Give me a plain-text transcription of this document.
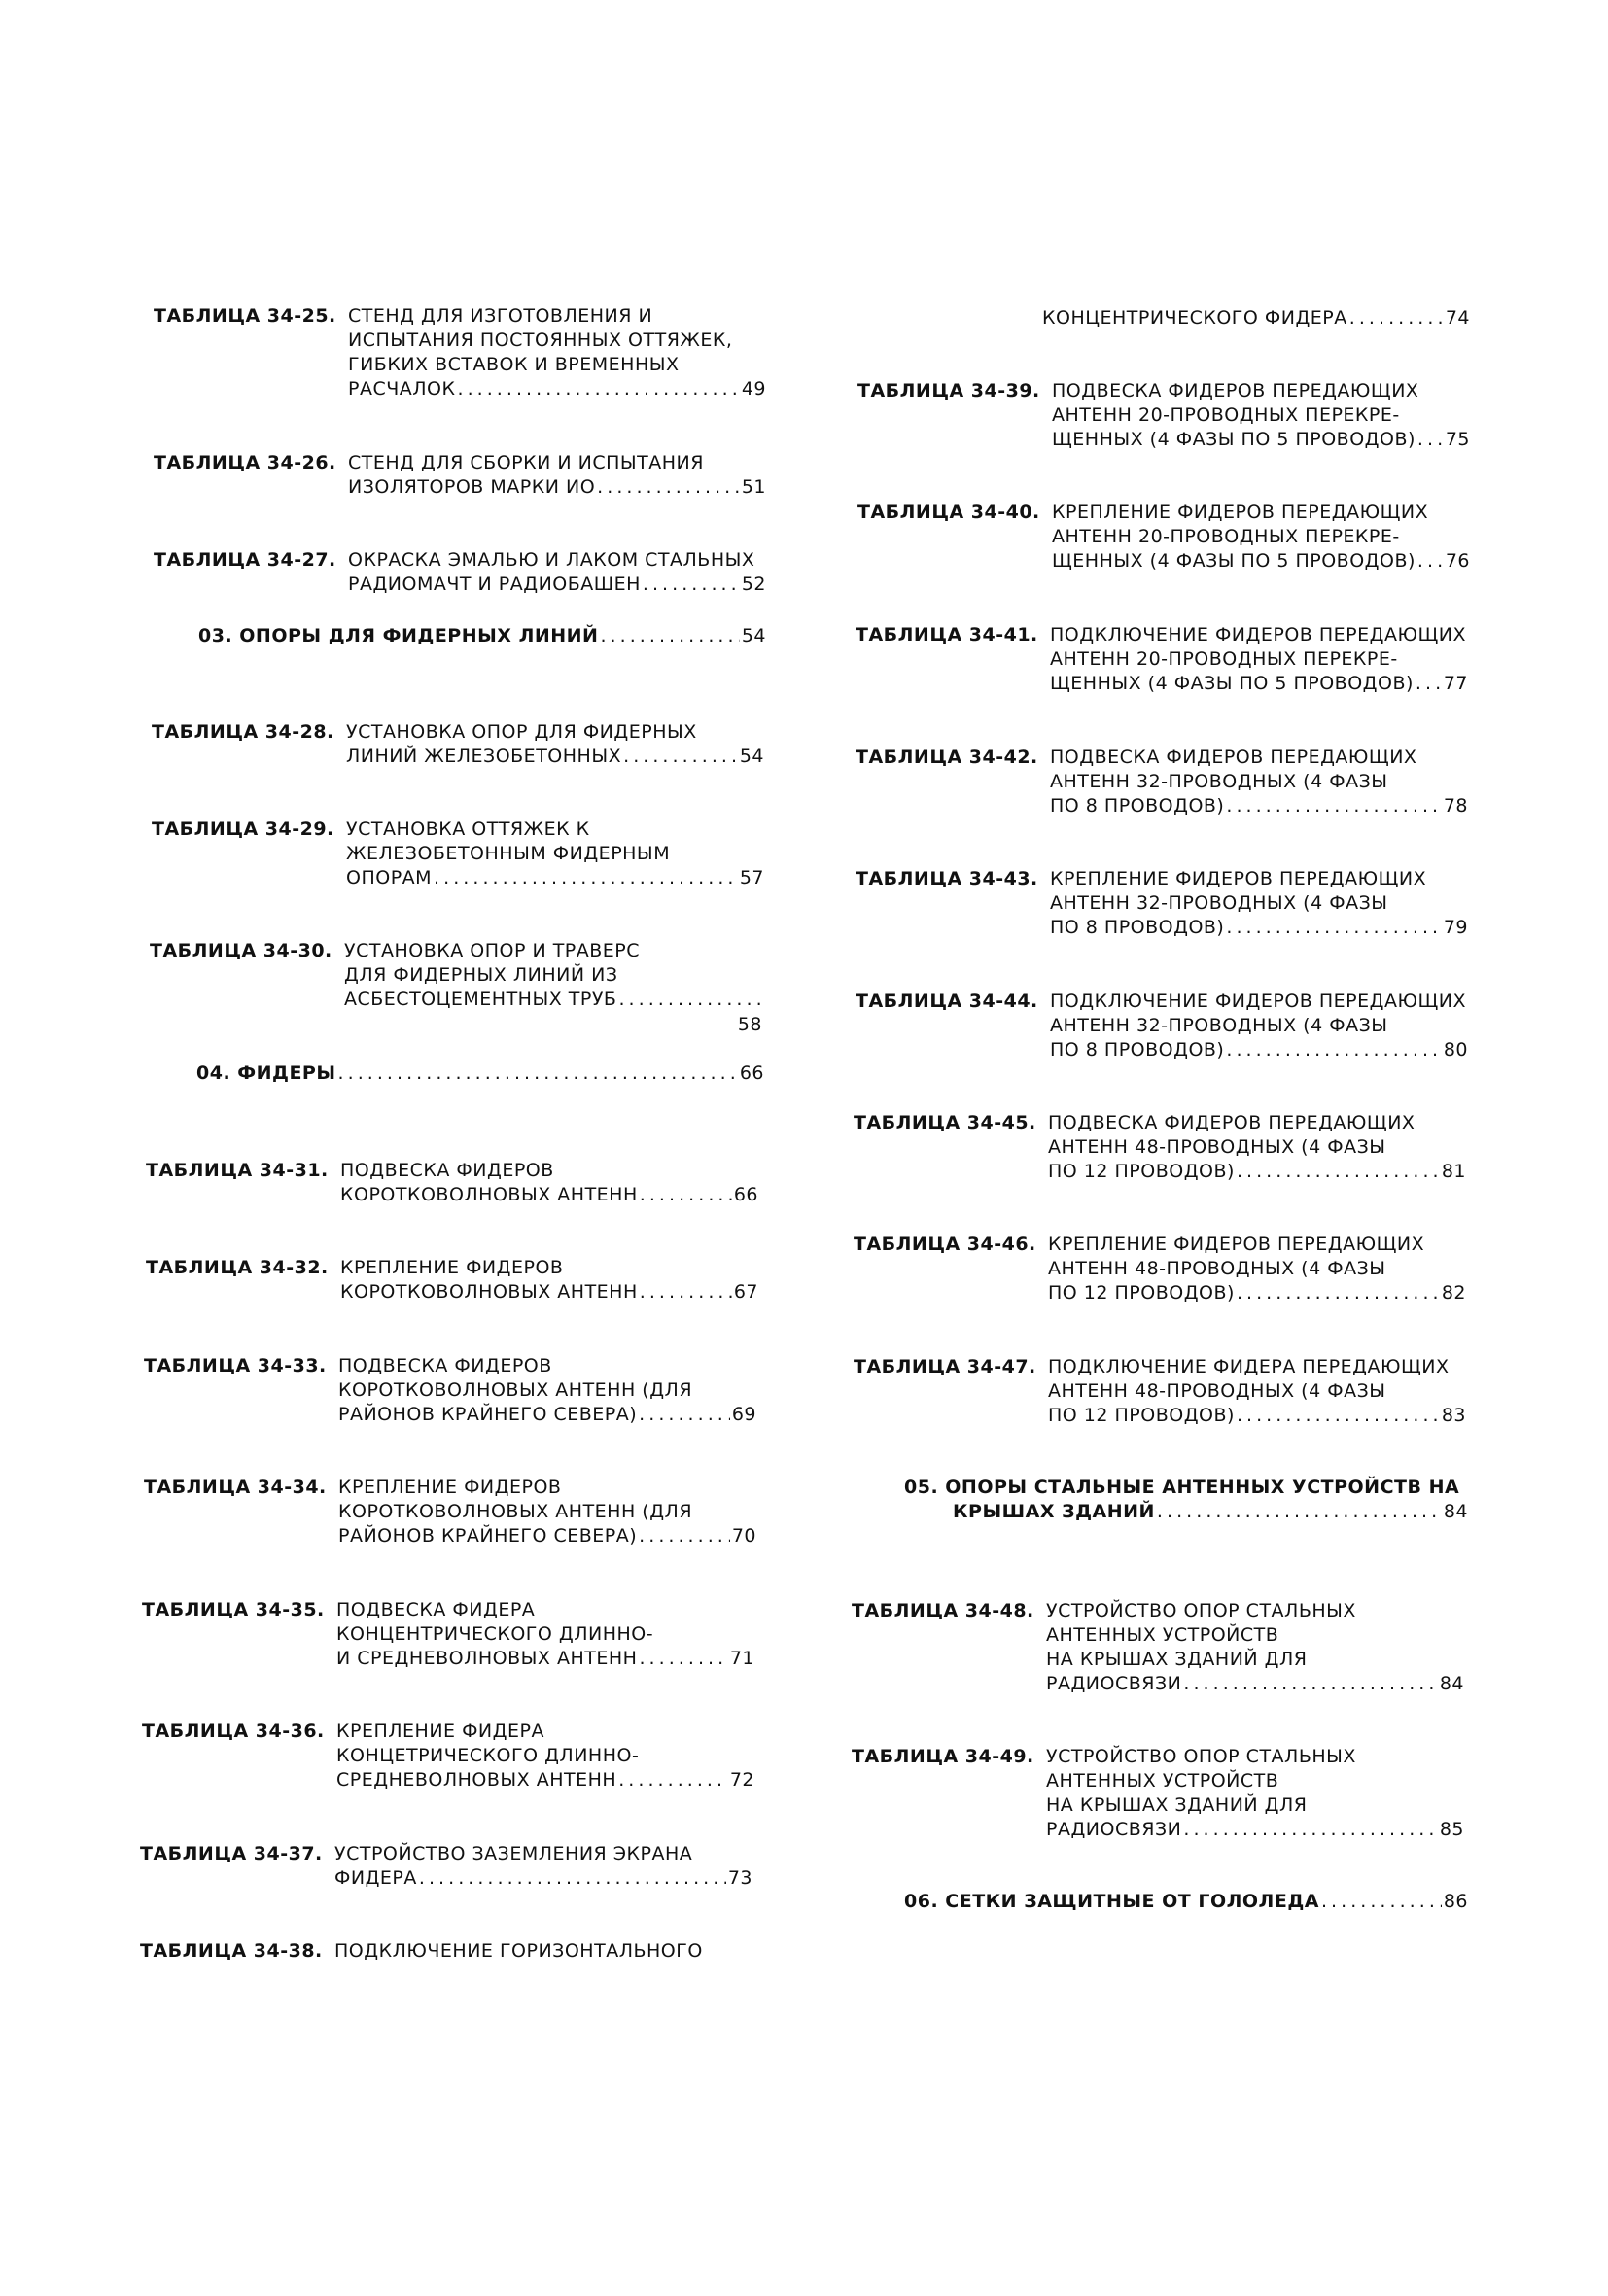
ТАБЛИЦА 34-25. СТЕНД ДЛЯ ИЗГОТОВЛЕНИЯ И
ИСПЫТАНИЯ ПОСТОЯННЫХ ОТТЯЖЕК,
ГИБКИХ ВСТАВОК И ВРЕМЕННЫХ
РАСЧАЛОК . . .	49
ТАБЛИЦА 34-26. СТЕНД ДЛЯ СБОРКИ И ИСПЫТАНИЯ
ИЗОЛЯТОРОВ МАРКИ ИО . . .	51
ТАБЛИЦА 34-27. ОКРАСКА ЭМАЛЬЮ И ЛАКОМ СТАЛЬНЫХ
РАДИОМАЧТ И РАДИОБАШЕН . . .	52
03. ОПОРЫ ДЛЯ ФИДЕРНЫХ ЛИНИЙ . . .	54
ТАБЛИЦА 34-28. УСТАНОВКА ОПОР ДЛЯ ФИДЕРНЫХ
ЛИНИЙ ЖЕЛЕЗОБЕТОННЫХ . . .	54
ТАБЛИЦА 34-29. УСТАНОВКА ОТТЯЖЕК К
ЖЕЛЕЗОБЕТОННЫМ ФИДЕРНЫМ
ОПОРАМ . . .	57
ТАБЛИЦА 34-30. УСТАНОВКА ОПОР И ТРАВЕРС
ДЛЯ ФИДЕРНЫХ ЛИНИЙ ИЗ
АСБЕСТОЦЕМЕНТНЫХ ТРУБ
. . .
58
04. ФИДЕРЫ . . .	66
ТАБЛИЦА 34-31. ПОДВЕСКА ФИДЕРОВ
КОРОТКОВОЛНОВЫХ АНТЕНН . . .	66
ТАБЛИЦА 34-32. КРЕПЛЕНИЕ ФИДЕРОВ
КОРОТКОВОЛНОВЫХ АНТЕНН . . .	67
ТАБЛИЦА 34-33. ПОДВЕСКА ФИДЕРОВ
КОРОТКОВОЛНОВЫХ АНТЕНН (ДЛЯ
РАЙОНОВ КРАЙНЕГО СЕВЕРА) . . .	69
ТАБЛИЦА 34-34. КРЕПЛЕНИЕ ФИДЕРОВ
КОРОТКОВОЛНОВЫХ АНТЕНН (ДЛЯ
РАЙОНОВ КРАЙНЕГО СЕВЕРА) . . .	70
ТАБЛИЦА 34-35. ПОДВЕСКА ФИДЕРА
КОНЦЕНТРИЧЕСКОГО ДЛИННО-
И СРЕДНЕВОЛНОВЫХ АНТЕНН . . .	71
ТАБЛИЦА 34-36. КРЕПЛЕНИЕ ФИДЕРА
КОНЦЕТРИЧЕСКОГО ДЛИННО-
СРЕДНЕВОЛНОВЫХ АНТЕНН . . .	72
ТАБЛИЦА 34-37. УСТРОЙСТВО ЗАЗЕМЛЕНИЯ ЭКРАНА
ФИДЕРА . . .	73
ТАБЛИЦА 34-38. ПОДКЛЮЧЕНИЕ ГОРИЗОНТАЛЬНОГО
КОНЦЕНТРИЧЕСКОГО ФИДЕРА . . .	74
ТАБЛИЦА 34-39. ПОДВЕСКА ФИДЕРОВ ПЕРЕДАЮЩИХ
АНТЕНН 20-ПРОВОДНЫХ ПЕРЕКРЕ-
ЩЕННЫХ (4 ФАЗЫ ПО 5 ПРОВОДОВ) . . . 75
ТАБЛИЦА 34-40. КРЕПЛЕНИЕ ФИДЕРОВ ПЕРЕДАЮЩИХ
АНТЕНН 20-ПРОВОДНЫХ ПЕРЕКРЕ-
ЩЕННЫХ (4 ФАЗЫ ПО 5 ПРОВОДОВ) . . . 76
ТАБЛИЦА 34-41. ПОДКЛЮЧЕНИЕ ФИДЕРОВ ПЕРЕДАЮЩИХ
АНТЕНН 20-ПРОВОДНЫХ ПЕРЕКРЕ-
ЩЕННЫХ (4 ФАЗЫ ПО 5 ПРОВОДОВ) . . . 77
ТАБЛИЦА 34-42. ПОДВЕСКА ФИДЕРОВ ПЕРЕДАЮЩИХ
АНТЕНН 32-ПРОВОДНЫХ (4 ФАЗЫ
ПО 8 ПРОВОДОВ) . . .	78
ТАБЛИЦА 34-43. КРЕПЛЕНИЕ ФИДЕРОВ ПЕРЕДАЮЩИХ
АНТЕНН 32-ПРОВОДНЫХ (4 ФАЗЫ
ПО 8 ПРОВОДОВ) . . .	79
ТАБЛИЦА 34-44. ПОДКЛЮЧЕНИЕ ФИДЕРОВ ПЕРЕДАЮЩИХ
АНТЕНН 32-ПРОВОДНЫХ (4 ФАЗЫ
ПО 8 ПРОВОДОВ) . . .	80
ТАБЛИЦА 34-45. ПОДВЕСКА ФИДЕРОВ ПЕРЕДАЮЩИХ
АНТЕНН 48-ПРОВОДНЫХ (4 ФАЗЫ
ПО 12 ПРОВОДОВ) . . .	81
ТАБЛИЦА 34-46. КРЕПЛЕНИЕ ФИДЕРОВ ПЕРЕДАЮЩИХ
АНТЕНН 48-ПРОВОДНЫХ (4 ФАЗЫ
ПО 12 ПРОВОДОВ) . . .	82
ТАБЛИЦА 34-47. ПОДКЛЮЧЕНИЕ ФИДЕРА ПЕРЕДАЮЩИХ
АНТЕНН 48-ПРОВОДНЫХ (4 ФАЗЫ
ПО 12 ПРОВОДОВ) . . .	83
05. ОПОРЫ СТАЛЬНЫЕ АНТЕННЫХ УСТРОЙСТВ НА
КРЫШАХ ЗДАНИЙ . . .	84
ТАБЛИЦА 34-48. УСТРОЙСТВО ОПОР СТАЛЬНЫХ
АНТЕННЫХ УСТРОЙСТВ
НА КРЫШАХ ЗДАНИЙ ДЛЯ
РАДИОСВЯЗИ . . .	84
ТАБЛИЦА 34-49. УСТРОЙСТВО ОПОР СТАЛЬНЫХ
АНТЕННЫХ УСТРОЙСТВ
НА КРЫШАХ ЗДАНИЙ ДЛЯ
РАДИОСВЯЗИ . . .	85
06. СЕТКИ ЗАЩИТНЫЕ ОТ ГОЛОЛЕДА . . .	86
